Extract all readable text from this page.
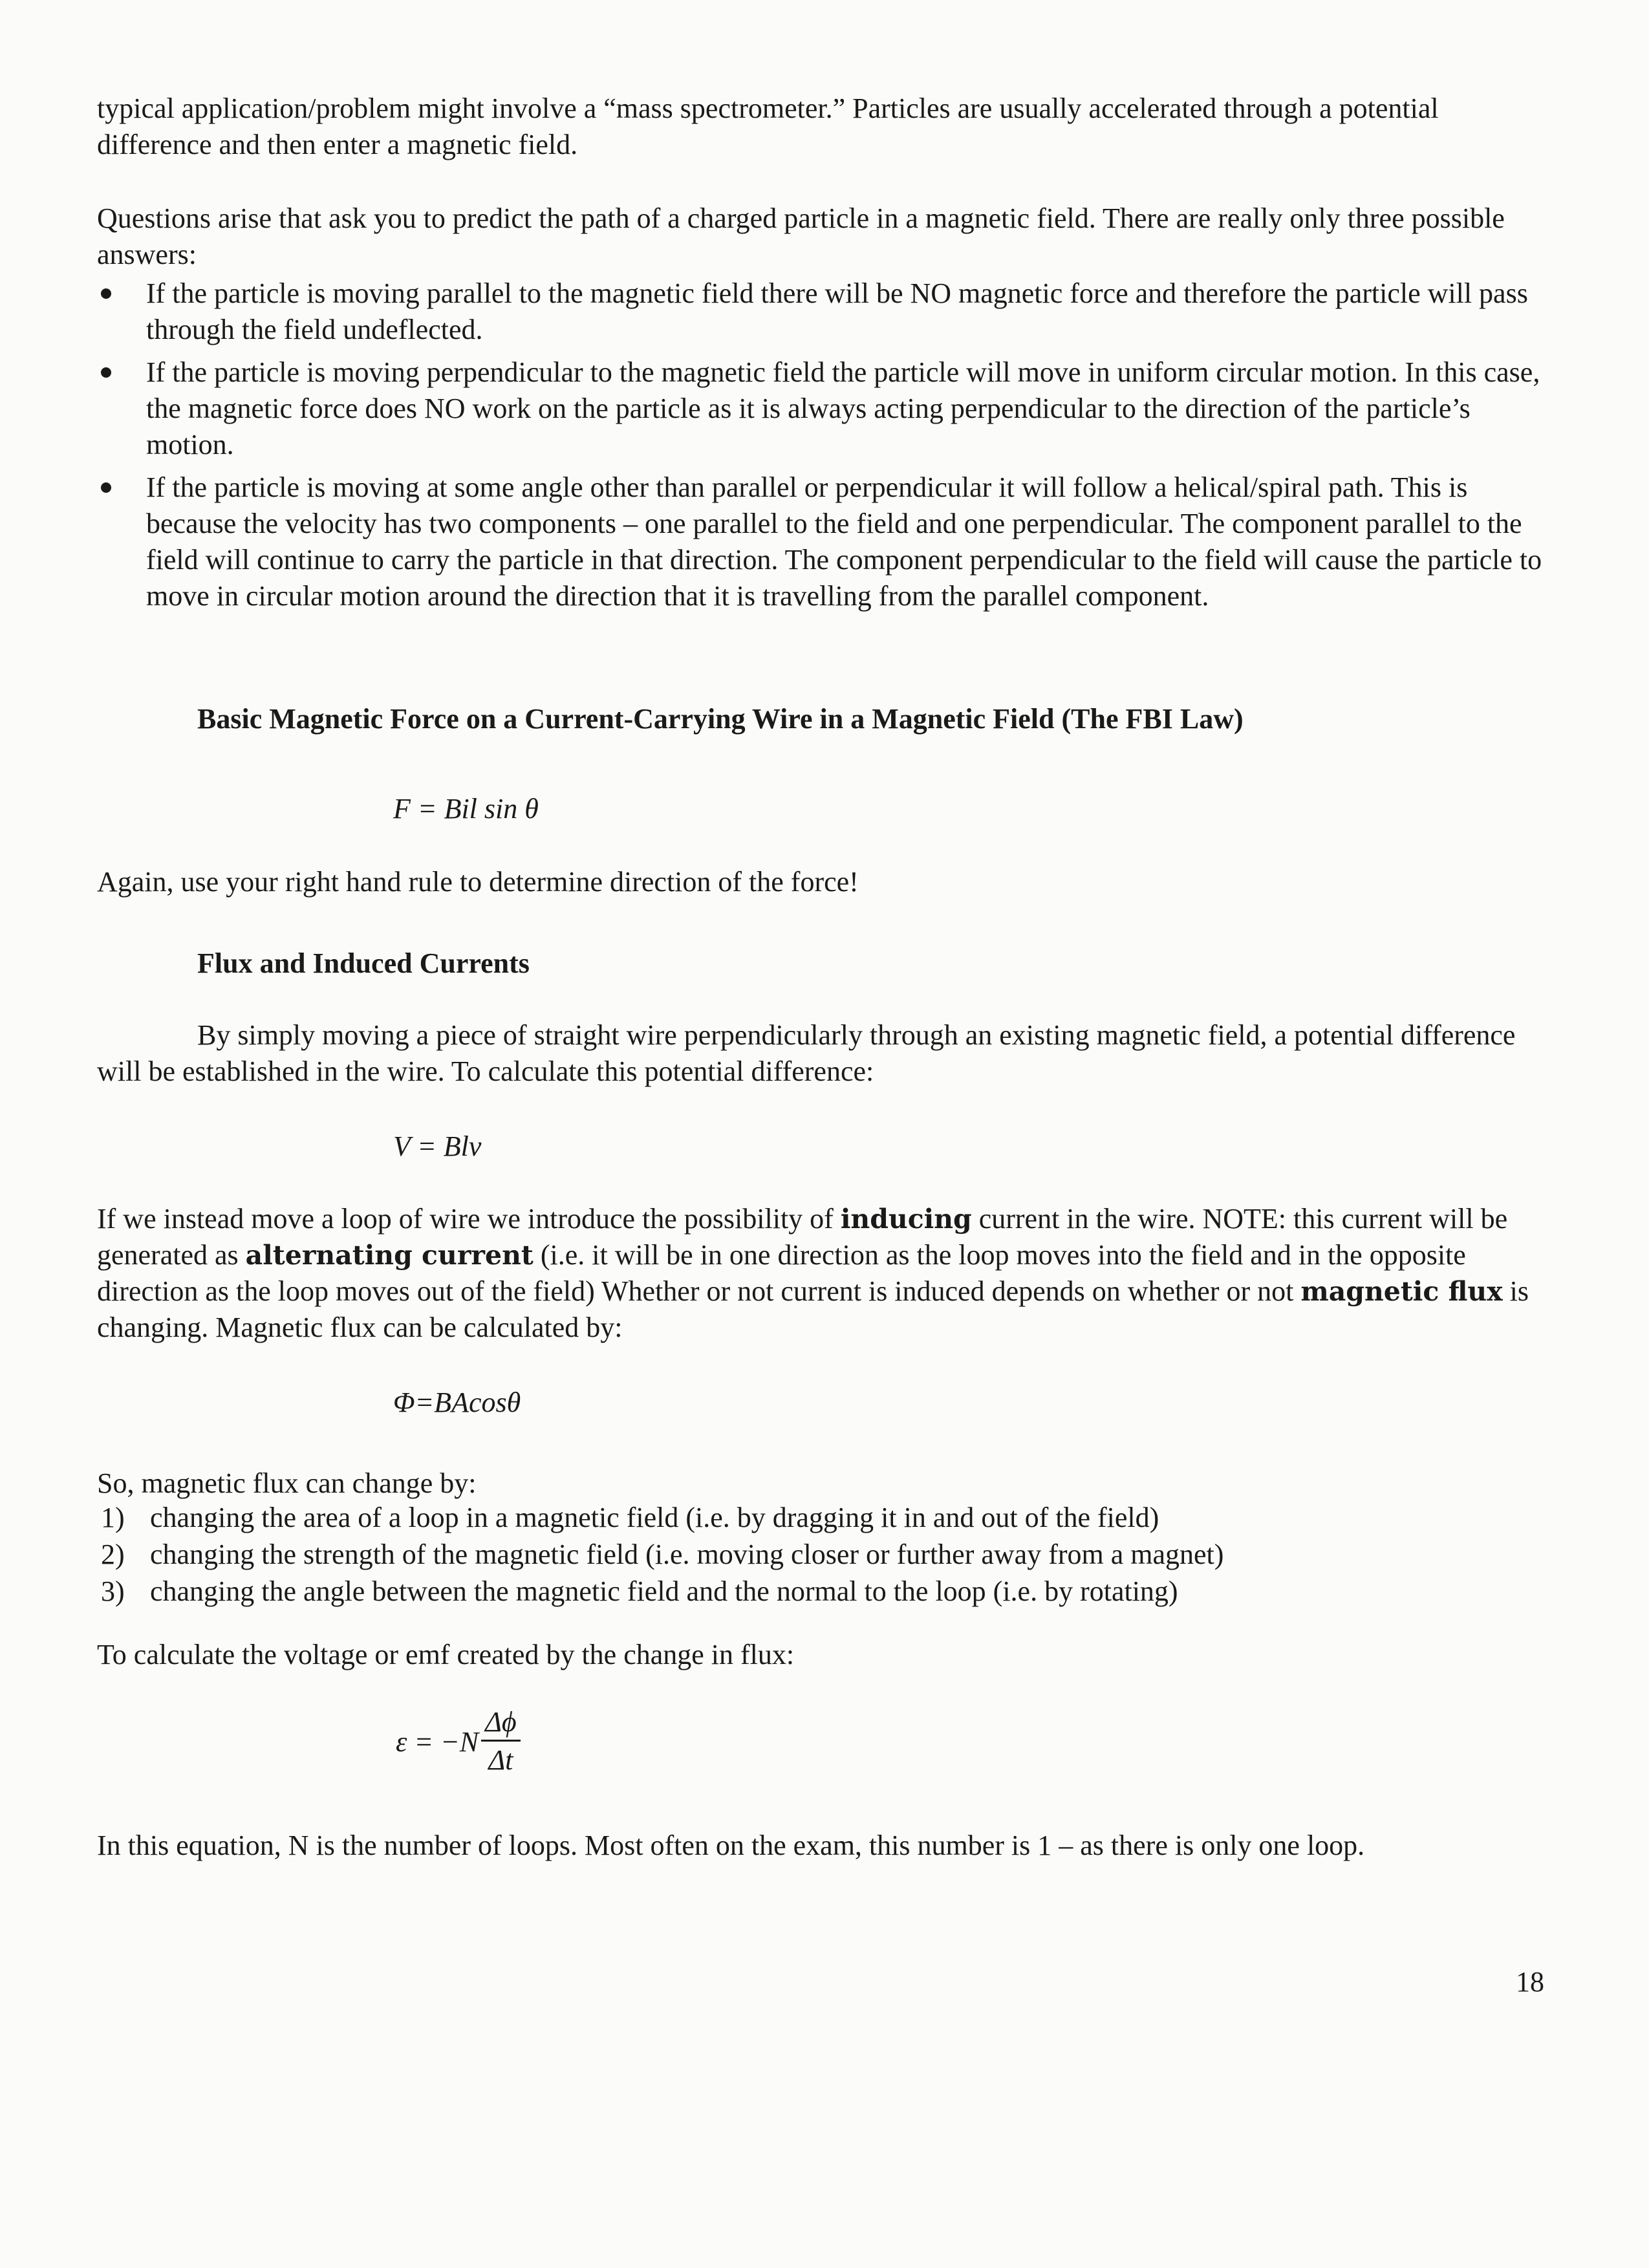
typical application/problem might involve a “mass spectrometer.” Particles are usually accelerated through a potential difference and then enter a magnetic field.

Questions arise that ask you to predict the path of a charged particle in a magnetic field. There are really only three possible answers:

If the particle is moving parallel to the magnetic field there will be NO magnetic force and therefore the particle will pass through the field undeflected.
If the particle is moving perpendicular to the magnetic field the particle will move in uniform circular motion. In this case, the magnetic force does NO work on the particle as it is always acting perpendicular to the direction of the particle’s motion.
If the particle is moving at some angle other than parallel or perpendicular it will follow a helical/spiral path. This is because the velocity has two components – one parallel to the field and one perpendicular. The component parallel to the field will continue to carry the particle in that direction. The component perpendicular to the field will cause the particle to move in circular motion around the direction that it is travelling from the parallel component.

Basic Magnetic Force on a Current-Carrying Wire in a Magnetic Field (The FBI Law)

F = Bil sin θ

Again, use your right hand rule to determine direction of the force!

Flux and Induced Currents

By simply moving a piece of straight wire perpendicularly through an existing magnetic field, a potential difference will be established in the wire. To calculate this potential difference:

V = Blv

If we instead move a loop of wire we introduce the possibility of inducing current in the wire. NOTE: this current will be generated as alternating current (i.e. it will be in one direction as the loop moves into the field and in the opposite direction as the loop moves out of the field) Whether or not current is induced depends on whether or not magnetic flux is changing. Magnetic flux can be calculated by:

Φ=BAcosθ

So, magnetic flux can change by:

1) changing the area of a loop in a magnetic field (i.e. by dragging it in and out of the field)
2) changing the strength of the magnetic field (i.e. moving closer or further away from a magnet)
3) changing the angle between the magnetic field and the normal to the loop (i.e. by rotating)

To calculate the voltage or emf created by the change in flux:

$\varepsilon = -N \frac{\Delta\phi}{\Delta t}$

In this equation, N is the number of loops. Most often on the exam, this number is 1 – as there is only one loop.

18
